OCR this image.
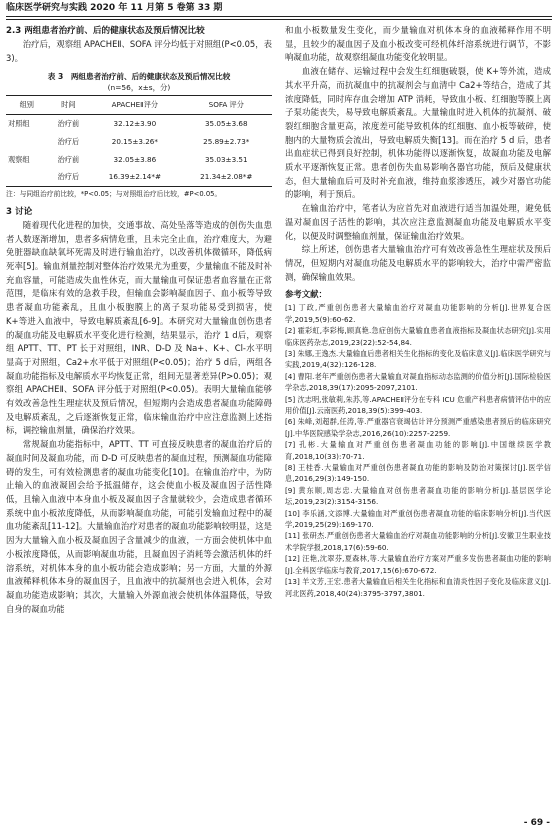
临床医学研究与实践 2020 年 11 月第 5 卷第 33 期

2.3 两组患者治疗前、后的健康状态及预后情况比较

治疗后，观察组 APACHEⅡ、SOFA 评分均低于对照组(P<0.05，表 3)。

表 3　两组患者治疗前、后的健康状态及预后情况比较

(n=56，x±s，分)

组别	时间	APACHEⅡ评分	SOFA 评分
对照组	治疗前	32.12±3.90	35.05±3.68
	治疗后	20.15±3.26*	25.89±2.73*
观察组	治疗前	32.05±3.86	35.03±3.51
	治疗后	16.39±2.14*#	21.34±2.08*#

注：与同组治疗前比较，*P<0.05；与对照组治疗后比较，#P<0.05。

3 讨论

随着现代化进程的加快，交通事故、高处坠落等造成的创伤失血患者人数逐渐增加，患者多病情危重，且未完全止血，治疗难度大，为避免脏器缺血缺氧坏死需及时进行输血治疗，以改善机体微循环，降低病死率[5]。输血剂量控制对整体治疗效果尤为重要，少量输血不能及时补充血容量，可能造成失血性休克，而大量输血可保证患者血容量在正常范围，是临床有效的急救手段，但输血会影响凝血因子、血小板等导致患者凝血功能紊乱，且血小板胞膜上的离子泵功能易受到损害，使 K+等进入血液中，导致电解质紊乱[6-9]。本研究对大量输血创伤患者的凝血功能及电解质水平变化进行检测，结果显示，治疗 1 d后，观察组 APTT、TT、PT 长于对照组，INR、D-D 及 Na+、K+、Cl-水平明显高于对照组，Ca2+水平低于对照组(P<0.05)；治疗 5 d后，两组各凝血功能指标及电解质水平均恢复正常，组间无显著差异(P>0.05)；观察组 APACHEⅡ、SOFA 评分低于对照组(P<0.05)。表明大量输血能够有效改善急性生理症状及预后情况，但短期内会造成患者凝血功能障碍及电解质紊乱，之后逐渐恢复正常，临床输血治疗中应注意监测上述指标，调控输血剂量，确保治疗效果。

常规凝血功能指标中，APTT、TT 可直接反映患者的凝血治疗后的凝血时间及凝血功能，而 D-D 可反映患者的凝血过程，预测凝血功能障碍的发生，可有效检测患者的凝血功能变化[10]。在输血治疗中，为防止输入的血液凝固会给予抵温储存，这会使血小板及凝血因子活性降低，且输入血液中本身血小板及凝血因子含量就较少，会造成患者循环系统中血小板浓度降低，从而影响凝血功能，可能引发输血过程中的凝血功能紊乱[11-12]。大量输血治疗对患者的凝血功能影响较明显，这是因为大量输入血小板及凝血因子含量减少的血液，一方面会使机体中血小板浓度降低，从而影响凝血功能，且凝血因子消耗等会激活机体的纤溶系统，对机体本身的血小板功能会造成影响；另一方面，大量的外源血液稀释机体本身的凝血因子，且血液中的抗凝剂也会进入机体，会对凝血功能造成影响；其次，大量输入外源血液会使机体体温降低，导致自身的凝血功能

和血小板数量发生变化，而少量输血对机体本身的血液稀释作用不明显，且较少的凝血因子及血小板改变可经机体纤溶系统进行调节，不影响凝血功能，故观察组凝血功能变化较明显。

血液在储存、运输过程中会发生红细胞破裂，使 K+等外流，造成其水平升高，而抗凝血中的抗凝剂会与血清中 Ca2+等结合，造成了其浓度降低，同时库存血会增加 ATP 消耗，导致血小板、红细胞等膜上离子泵功能丧失，易导致电解质紊乱。大量输血时进入机体的抗凝剂、破裂红细胞含量更高，浓度差可能导致机体的红细胞、血小板等破碎，使胞内的大量物质会流出，导致电解质失衡[13]。而在治疗 5 d 后，患者出血症状已得到良好控制，机体功能得以逐渐恢复，故凝血功能及电解质水平逐渐恢复正常。患者创伤失血易影响各器官功能，预后及健康状态，但大量输血后可及时补充血液，维持血浆渗透压，减少对器官功能的影响，利于预后。

在输血治疗中，笔者认为应首先对血液进行适当加温处理，避免低温对凝血因子活性的影响，其次应注意监测凝血功能及电解质水平变化，以便及时调整输血剂量，保证输血治疗效果。

综上所述，创伤患者大量输血治疗可有效改善急性生理症状及预后情况，但短期内对凝血功能及电解质水平的影响较大，治疗中需严密监测，确保输血效果。

参考文献：

[1] 丁政,严重创伤患者大量输血治疗对凝血功能影响的分析[J].世界复合医学,2019,5(9):60-62.
[2] 霍彩虹,李彩梅,顾真艳.急症创伤大量输血患者血液指标及凝血状态研究[J].实用临床医药杂志,2019,23(22):52-54,84.
[3] 朱娜,王逸杰.大量输血后患者相关生化指标的变化及临床意义[J].临床医学研究与实践,2019,4(32):126-128.
[4] 曹阳.老年严重创伤患者大量输血对凝血指标动态监测的价值分析[J].国际检验医学杂志,2018,39(17):2095-2097,2101.
[5] 沈志明,张敏莉,朱苏,等.APACHEⅡ评分在专科 ICU 危重产科患者病情评估中的应用价值[J].云南医药,2018,39(5):399-403.
[6] 朱峰,刘超群,任涛,等.严重器官衰竭估计评分预测严重感染患者预后的临床研究[J].中华医院感染学杂志,2016,26(10):2257-2259.
[7] 孔彬.大量输血对严重创伤患者凝血功能的影响[J].中国继续医学教育,2018,10(33):70-71.
[8] 王桂香.大量输血对严重创伤患者凝血功能的影响及防治对策探讨[J].医学信息,2016,29(3):149-150.
[9] 黄东顺,周志忠.大量输血对创伤患者凝血功能的影响分析[J].基层医学论坛,2019,23(2):3154-3156.
[10] 李乐涵,文添博.大量输血对严重创伤患者凝血功能的临床影响分析[J].当代医学,2019,25(29):169-170.
[11] 张研杰.严重创伤患者大量输血治疗对凝血功能影响的分析[J].安徽卫生职业技术学院学报,2018,17(6):59-60.
[12] 汪艳,沈翠芬,夏森林,等.大量输血治疗方案对严重多发伤患者凝血功能的影响[J].全科医学临床与教育,2017,15(6):670-672.
[13] 羊文芳,王宏.患者大量输血后相关生化指标和血清炎性因子变化及临床意义[J].河北医药,2018,40(24):3795-3797,3801.
- 69 -
